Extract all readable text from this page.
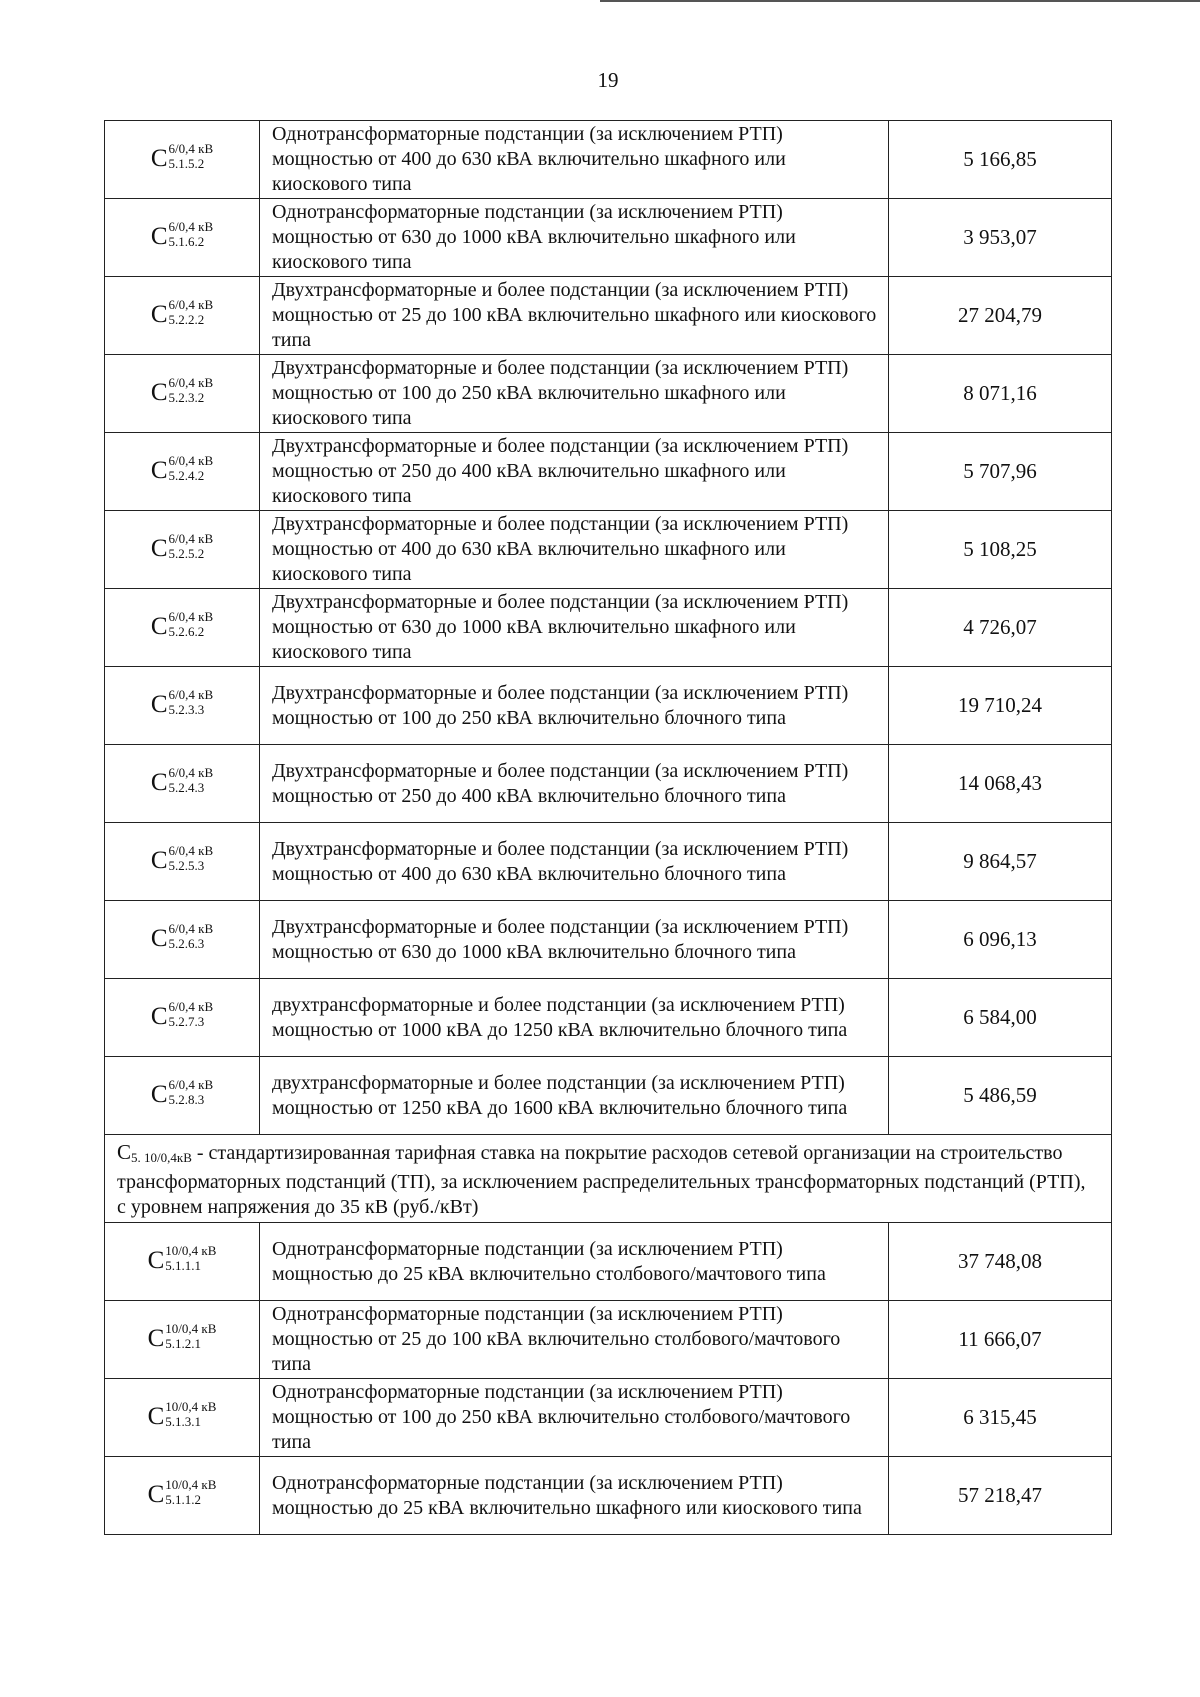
19
C 6/0,4 кВ
5.1.5.2	Однотрансформаторные подстанции (за исключением РТП) мощностью от 400 до 630 кВА включительно шкафного или киоскового типа	5 166,85

C 6/0,4 кВ
5.1.6.2	Однотрансформаторные подстанции (за исключением РТП) мощностью от 630 до 1000 кВА включительно шкафного или киоскового типа	3 953,07

C 6/0,4 кВ
5.2.2.2	Двухтрансформаторные и более подстанции (за исключением РТП) мощностью от 25 до 100 кВА включительно шкафного или киоскового типа	27 204,79

C 6/0,4 кВ
5.2.3.2	Двухтрансформаторные и более подстанции (за исключением РТП) мощностью от 100 до 250 кВА включительно шкафного или киоскового типа	8 071,16

C 6/0,4 кВ
5.2.4.2	Двухтрансформаторные и более подстанции (за исключением РТП) мощностью от 250 до 400 кВА включительно шкафного или киоскового типа	5 707,96

C 6/0,4 кВ
5.2.5.2	Двухтрансформаторные и более подстанции (за исключением РТП) мощностью от 400 до 630 кВА включительно шкафного или киоскового типа	5 108,25

C 6/0,4 кВ
5.2.6.2	Двухтрансформаторные и более подстанции (за исключением РТП) мощностью от 630 до 1000 кВА включительно шкафного или киоскового типа	4 726,07

C 6/0,4 кВ
5.2.3.3	Двухтрансформаторные и более подстанции (за исключением РТП) мощностью от 100 до 250 кВА включительно блочного типа	19 710,24

C 6/0,4 кВ
5.2.4.3	Двухтрансформаторные и более подстанции (за исключением РТП) мощностью от 250 до 400 кВА включительно блочного типа	14 068,43

C 6/0,4 кВ
5.2.5.3	Двухтрансформаторные и более подстанции (за исключением РТП) мощностью от 400 до 630 кВА включительно блочного типа	9 864,57

C 6/0,4 кВ
5.2.6.3	Двухтрансформаторные и более подстанции (за исключением РТП) мощностью от 630 до 1000 кВА включительно блочного типа	6 096,13

C 6/0,4 кВ
5.2.7.3	двухтрансформаторные и более подстанции (за исключением РТП) мощностью от 1000 кВА до 1250 кВА включительно блочного типа	6 584,00

C 6/0,4 кВ
5.2.8.3	двухтрансформаторные и более подстанции (за исключением РТП) мощностью от 1250 кВА до 1600 кВА включительно блочного типа	5 486,59
C5. 10/0,4кВ - стандартизированная тарифная ставка на покрытие расходов сетевой организации на строительство трансформаторных подстанций (ТП), за исключением распределительных трансформаторных подстанций (РТП), с уровнем напряжения до 35 кВ (руб./кВт)		

C 10/0,4 кВ
5.1.1.1	Однотрансформаторные подстанции (за исключением РТП) мощностью до 25 кВА включительно столбового/мачтового типа	37 748,08

C 10/0,4 кВ
5.1.2.1	Однотрансформаторные подстанции (за исключением РТП) мощностью от 25 до 100 кВА включительно столбового/мачтового типа	11 666,07

C 10/0,4 кВ
5.1.3.1	Однотрансформаторные подстанции (за исключением РТП) мощностью от 100 до 250 кВА включительно столбового/мачтового типа	6 315,45

C 10/0,4 кВ
5.1.1.2	Однотрансформаторные подстанции (за исключением РТП) мощностью до 25 кВА включительно шкафного или киоскового типа	57 218,47
